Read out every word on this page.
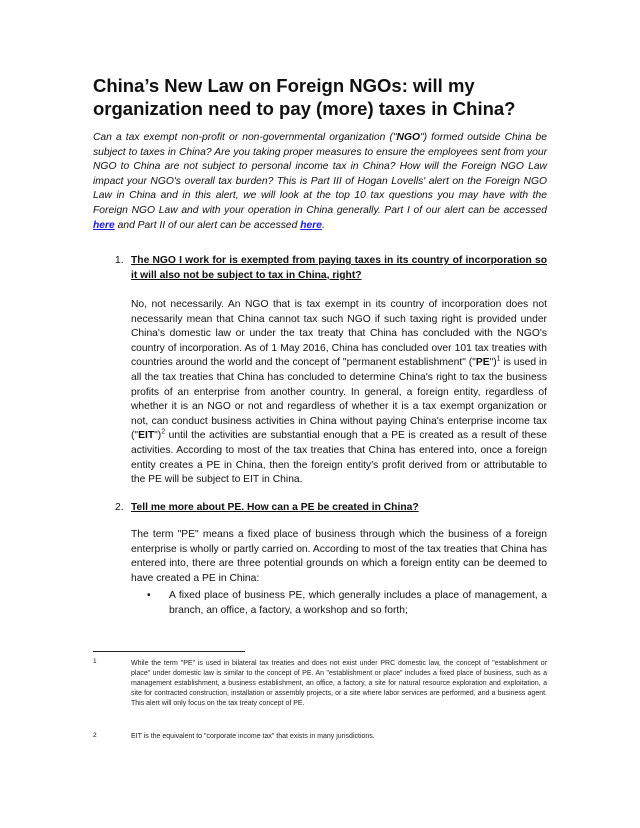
China’s New Law on Foreign NGOs: will my organization need to pay (more) taxes in China?

Can a tax exempt non-profit or non-governmental organization ("NGO") formed outside China be subject to taxes in China? Are you taking proper measures to ensure the employees sent from your NGO to China are not subject to personal income tax in China? How will the Foreign NGO Law impact your NGO's overall tax burden? This is Part III of Hogan Lovells' alert on the Foreign NGO Law in China and in this alert, we will look at the top 10 tax questions you may have with the Foreign NGO Law and with your operation in China generally. Part I of our alert can be accessed here and Part II of our alert can be accessed here.

1. The NGO I work for is exempted from paying taxes in its country of incorporation so it will also not be subject to tax in China, right?

No, not necessarily. An NGO that is tax exempt in its country of incorporation does not necessarily mean that China cannot tax such NGO if such taxing right is provided under China's domestic law or under the tax treaty that China has concluded with the NGO's country of incorporation. As of 1 May 2016, China has concluded over 101 tax treaties with countries around the world and the concept of "permanent establishment" ("PE")$^1$ is used in all the tax treaties that China has concluded to determine China's right to tax the business profits of an enterprise from another country. In general, a foreign entity, regardless of whether it is an NGO or not and regardless of whether it is a tax exempt organization or not, can conduct business activities in China without paying China's enterprise income tax ("EIT")$^2$ until the activities are substantial enough that a PE is created as a result of these activities. According to most of the tax treaties that China has entered into, once a foreign entity creates a PE in China, then the foreign entity's profit derived from or attributable to the PE will be subject to EIT in China.

2. Tell me more about PE. How can a PE be created in China?

The term "PE" means a fixed place of business through which the business of a foreign enterprise is wholly or partly carried on. According to most of the tax treaties that China has entered into, there are three potential grounds on which a foreign entity can be deemed to have created a PE in China:

• A fixed place of business PE, which generally includes a place of management, a branch, an office, a factory, a workshop and so forth;

1	While the term "PE" is used in bilateral tax treaties and does not exist under PRC domestic law, the concept of "establishment or place" under domestic law is similar to the concept of PE. An "establishment or place" includes a fixed place of business, such as a management establishment, a business establishment, an office, a factory, a site for natural resource exploration and exploitation, a site for contracted construction, installation or assembly projects, or a site where labor services are performed, and a business agent. This alert will only focus on the tax treaty concept of PE.

2	EIT is the equivalent to "corporate income tax" that exists in many jurisdictions.
